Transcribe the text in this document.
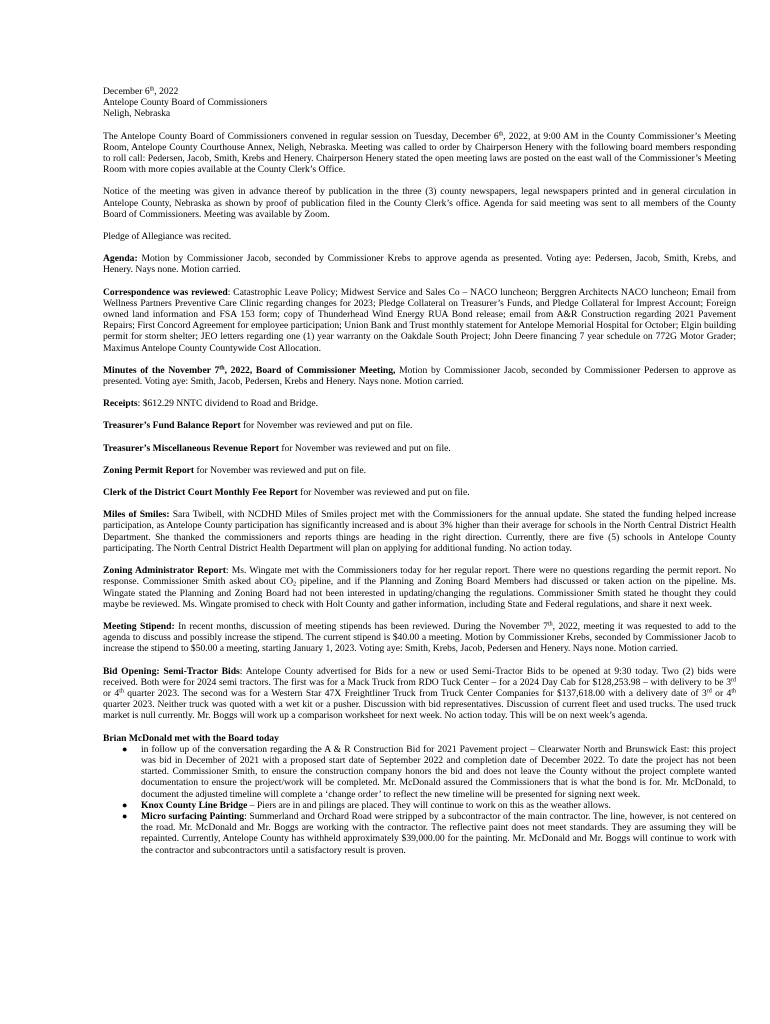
December 6th, 2022

Antelope County Board of Commissioners

Neligh, Nebraska

The Antelope County Board of Commissioners convened in regular session on Tuesday, December 6th, 2022, at 9:00 AM in the County Commissioner’s Meeting Room, Antelope County Courthouse Annex, Neligh, Nebraska. Meeting was called to order by Chairperson Henery with the following board members responding to roll call: Pedersen, Jacob, Smith, Krebs and Henery. Chairperson Henery stated the open meeting laws are posted on the east wall of the Commissioner’s Meeting Room with more copies available at the County Clerk’s Office.

Notice of the meeting was given in advance thereof by publication in the three (3) county newspapers, legal newspapers printed and in general circulation in Antelope County, Nebraska as shown by proof of publication filed in the County Clerk’s office. Agenda for said meeting was sent to all members of the County Board of Commissioners. Meeting was available by Zoom.

Pledge of Allegiance was recited.

Agenda: Motion by Commissioner Jacob, seconded by Commissioner Krebs to approve agenda as presented. Voting aye: Pedersen, Jacob, Smith, Krebs, and Henery. Nays none. Motion carried.

Correspondence was reviewed: Catastrophic Leave Policy; Midwest Service and Sales Co – NACO luncheon; Berggren Architects NACO luncheon; Email from Wellness Partners Preventive Care Clinic regarding changes for 2023; Pledge Collateral on Treasurer’s Funds, and Pledge Collateral for Imprest Account; Foreign owned land information and FSA 153 form; copy of Thunderhead Wind Energy RUA Bond release; email from A&R Construction regarding 2021 Pavement Repairs; First Concord Agreement for employee participation; Union Bank and Trust monthly statement for Antelope Memorial Hospital for October; Elgin building permit for storm shelter; JEO letters regarding one (1) year warranty on the Oakdale South Project; John Deere financing 7 year schedule on 772G Motor Grader; Maximus Antelope County Countywide Cost Allocation.

Minutes of the November 7th, 2022, Board of Commissioner Meeting, Motion by Commissioner Jacob, seconded by Commissioner Pedersen to approve as presented. Voting aye: Smith, Jacob, Pedersen, Krebs and Henery. Nays none. Motion carried.

Receipts: $612.29 NNTC dividend to Road and Bridge.

Treasurer’s Fund Balance Report for November was reviewed and put on file.

Treasurer’s Miscellaneous Revenue Report for November was reviewed and put on file.

Zoning Permit Report for November was reviewed and put on file.

Clerk of the District Court Monthly Fee Report for November was reviewed and put on file.

Miles of Smiles: Sara Twibell, with NCDHD Miles of Smiles project met with the Commissioners for the annual update. She stated the funding helped increase participation, as Antelope County participation has significantly increased and is about 3% higher than their average for schools in the North Central District Health Department. She thanked the commissioners and reports things are heading in the right direction. Currently, there are five (5) schools in Antelope County participating. The North Central District Health Department will plan on applying for additional funding. No action today.

Zoning Administrator Report: Ms. Wingate met with the Commissioners today for her regular report. There were no questions regarding the permit report. No response. Commissioner Smith asked about $CO_2$ pipeline, and if the Planning and Zoning Board Members had discussed or taken action on the pipeline. Ms. Wingate stated the Planning and Zoning Board had not been interested in updating/changing the regulations. Commissioner Smith stated he thought they could maybe be reviewed. Ms. Wingate promised to check with Holt County and gather information, including State and Federal regulations, and share it next week.

Meeting Stipend: In recent months, discussion of meeting stipends has been reviewed. During the November 7th, 2022, meeting it was requested to add to the agenda to discuss and possibly increase the stipend. The current stipend is $40.00 a meeting. Motion by Commissioner Krebs, seconded by Commissioner Jacob to increase the stipend to $50.00 a meeting, starting January 1, 2023. Voting aye: Smith, Krebs, Jacob, Pedersen and Henery. Nays none. Motion carried.

Bid Opening: Semi-Tractor Bids: Antelope County advertised for Bids for a new or used Semi-Tractor Bids to be opened at 9:30 today. Two (2) bids were received. Both were for 2024 semi tractors. The first was for a Mack Truck from RDO Tuck Center – for a 2024 Day Cab for $128,253.98 – with delivery to be 3rd or 4th quarter 2023. The second was for a Western Star 47X Freightliner Truck from Truck Center Companies for $137,618.00 with a delivery date of 3rd or 4th quarter 2023. Neither truck was quoted with a wet kit or a pusher. Discussion with bid representatives. Discussion of current fleet and used trucks. The used truck market is null currently. Mr. Boggs will work up a comparison worksheet for next week. No action today. This will be on next week’s agenda.

Brian McDonald met with the Board today

● in follow up of the conversation regarding the A & R Construction Bid for 2021 Pavement project – Clearwater North and Brunswick East: this project was bid in December of 2021 with a proposed start date of September 2022 and completion date of December 2022. To date the project has not been started. Commissioner Smith, to ensure the construction company honors the bid and does not leave the County without the project complete wanted documentation to ensure the project/work will be completed. Mr. McDonald assured the Commissioners that is what the bond is for. Mr. McDonald, to document the adjusted timeline will complete a ‘change order’ to reflect the new timeline will be presented for signing next week.
● Knox County Line Bridge – Piers are in and pilings are placed. They will continue to work on this as the weather allows.
● Micro surfacing Painting: Summerland and Orchard Road were stripped by a subcontractor of the main contractor. The line, however, is not centered on the road. Mr. McDonald and Mr. Boggs are working with the contractor. The reflective paint does not meet standards. They are assuming they will be repainted. Currently, Antelope County has withheld approximately $39,000.00 for the painting. Mr. McDonald and Mr. Boggs will continue to work with the contractor and subcontractors until a satisfactory result is proven.
